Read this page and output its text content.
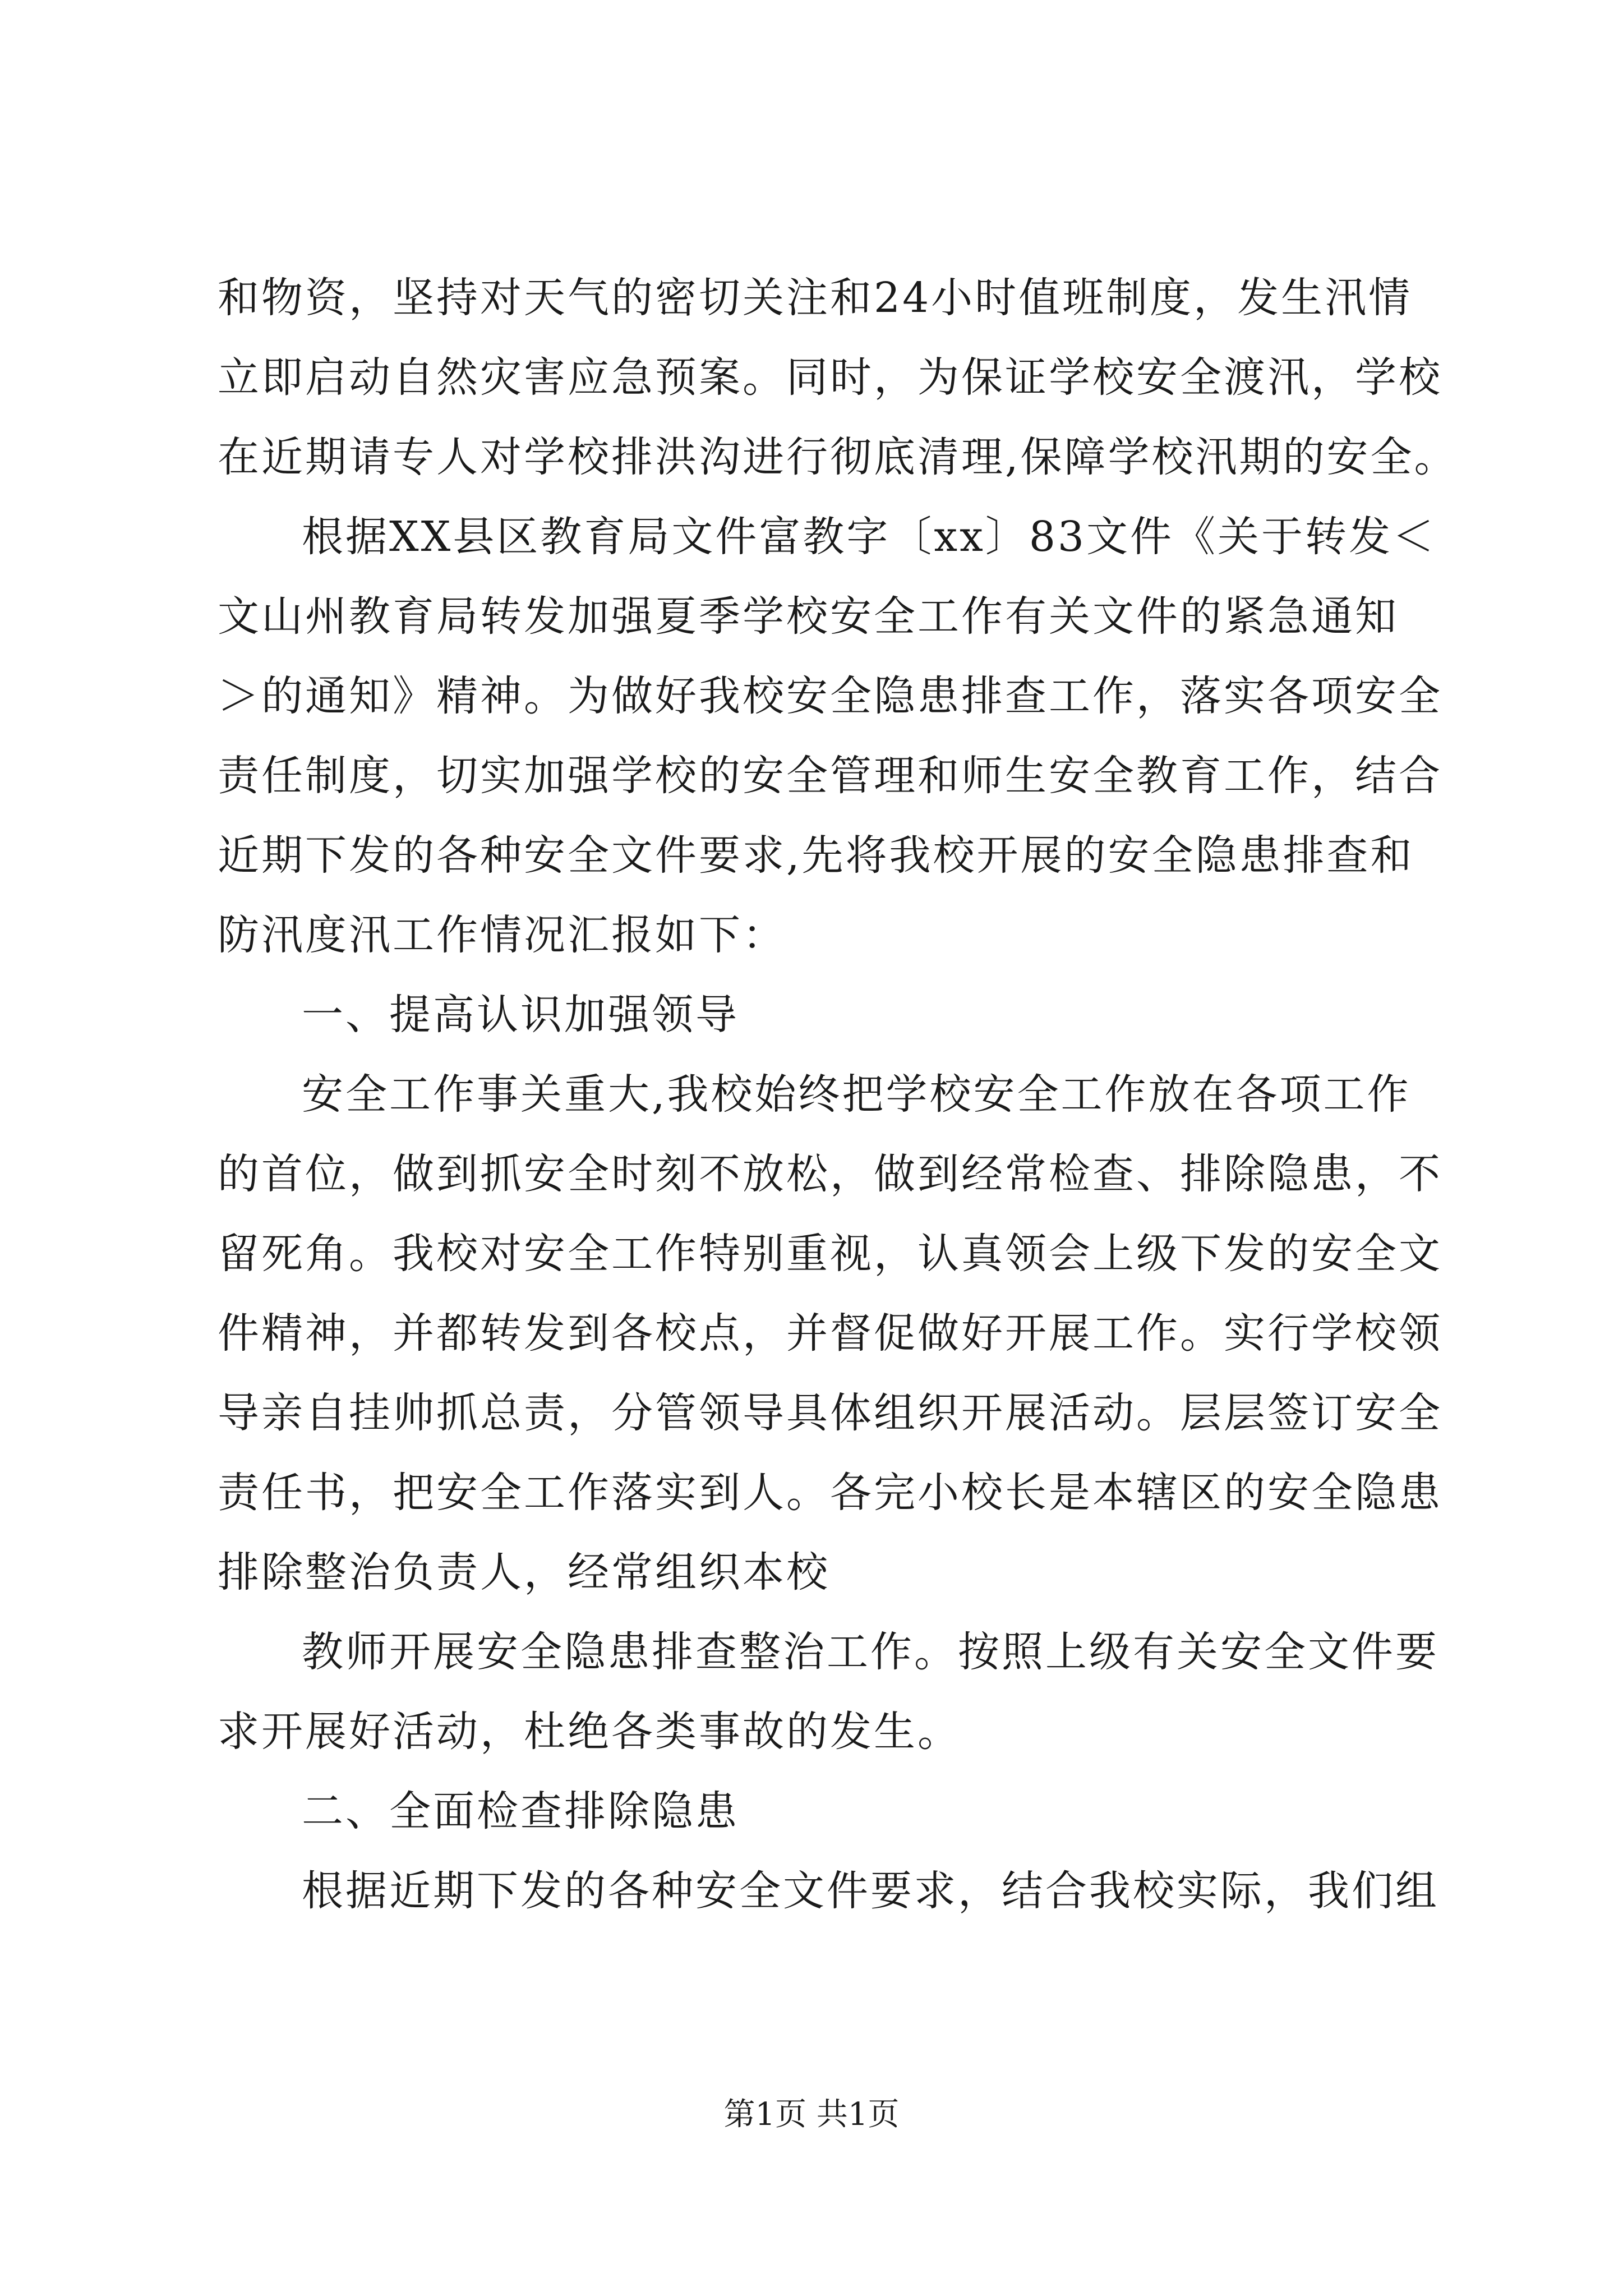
和物资，坚持对天气的密切关注和24小时值班制度，发生汛情
立即启动自然灾害应急预案。同时，为保证学校安全渡汛，学校
在近期请专人对学校排洪沟进行彻底清理,保障学校汛期的安全。
根据XX县区教育局文件富教字〔xx〕83文件《关于转发＜
文山州教育局转发加强夏季学校安全工作有关文件的紧急通知
＞的通知》精神。为做好我校安全隐患排查工作，落实各项安全
责任制度，切实加强学校的安全管理和师生安全教育工作，结合
近期下发的各种安全文件要求,先将我校开展的安全隐患排查和
防汛度汛工作情况汇报如下：
一、提高认识加强领导
安全工作事关重大,我校始终把学校安全工作放在各项工作
的首位，做到抓安全时刻不放松，做到经常检查、排除隐患，不
留死角。我校对安全工作特别重视，认真领会上级下发的安全文
件精神，并都转发到各校点，并督促做好开展工作。实行学校领
导亲自挂帅抓总责，分管领导具体组织开展活动。层层签订安全
责任书，把安全工作落实到人。各完小校长是本辖区的安全隐患
排除整治负责人，经常组织本校
教师开展安全隐患排查整治工作。按照上级有关安全文件要
求开展好活动，杜绝各类事故的发生。
二、全面检查排除隐患
根据近期下发的各种安全文件要求，结合我校实际，我们组
第1页 共1页
